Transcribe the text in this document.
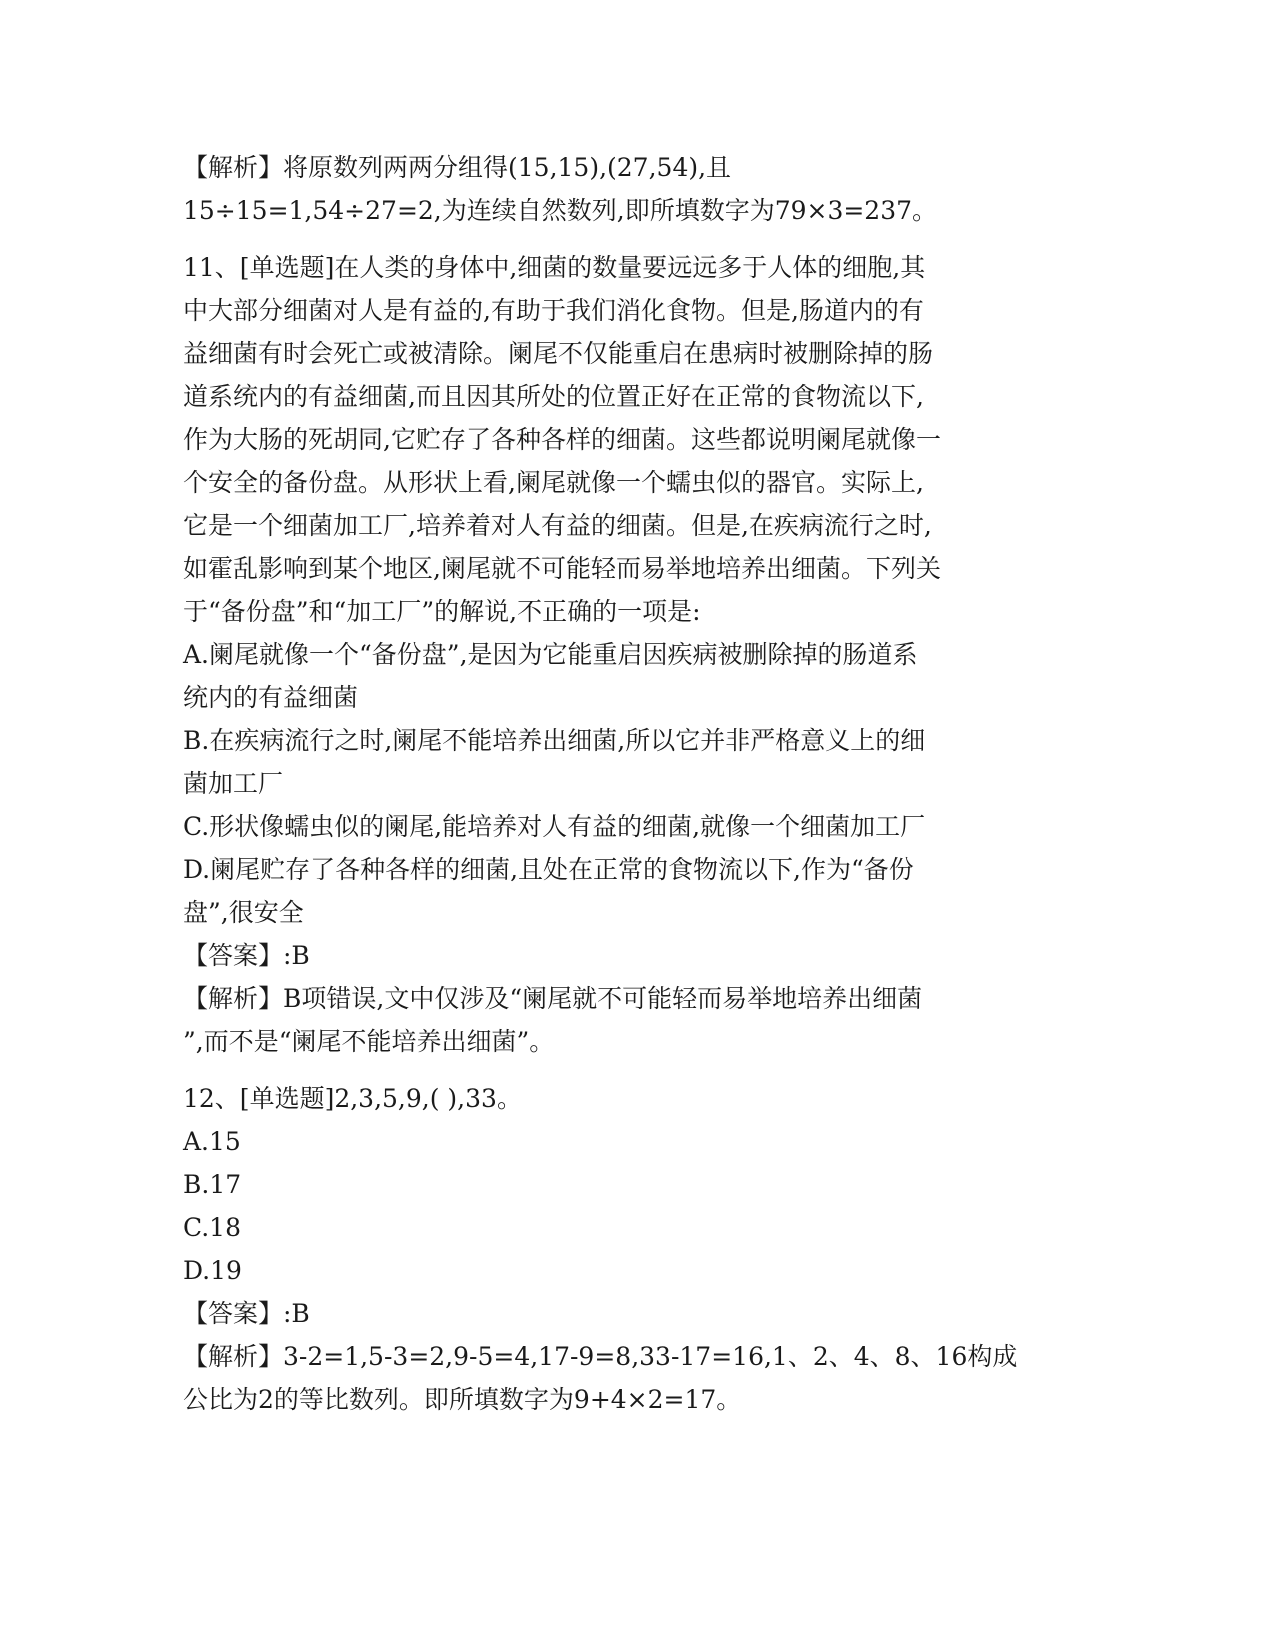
【解析】将原数列两两分组得(15,15),(27,54),且
15÷15=1,54÷27=2,为连续自然数列,即所填数字为79×3=237。
11、[单选题]在人类的身体中,细菌的数量要远远多于人体的细胞,其
中大部分细菌对人是有益的,有助于我们消化食物。但是,肠道内的有
益细菌有时会死亡或被清除。阑尾不仅能重启在患病时被删除掉的肠
道系统内的有益细菌,而且因其所处的位置正好在正常的食物流以下,
作为大肠的死胡同,它贮存了各种各样的细菌。这些都说明阑尾就像一
个安全的备份盘。从形状上看,阑尾就像一个蠕虫似的器官。实际上,
它是一个细菌加工厂,培养着对人有益的细菌。但是,在疾病流行之时,
如霍乱影响到某个地区,阑尾就不可能轻而易举地培养出细菌。下列关
于“备份盘”和“加工厂”的解说,不正确的一项是:
A.阑尾就像一个“备份盘”,是因为它能重启因疾病被删除掉的肠道系
统内的有益细菌
B.在疾病流行之时,阑尾不能培养出细菌,所以它并非严格意义上的细
菌加工厂
C.形状像蠕虫似的阑尾,能培养对人有益的细菌,就像一个细菌加工厂
D.阑尾贮存了各种各样的细菌,且处在正常的食物流以下,作为“备份
盘”,很安全
【答案】:B
【解析】B项错误,文中仅涉及“阑尾就不可能轻而易举地培养出细菌
”,而不是“阑尾不能培养出细菌”。
12、[单选题]2,3,5,9,( ),33。
A.15
B.17
C.18
D.19
【答案】:B
【解析】3-2=1,5-3=2,9-5=4,17-9=8,33-17=16,1、2、4、8、16构成
公比为2的等比数列。即所填数字为9+4×2=17。
